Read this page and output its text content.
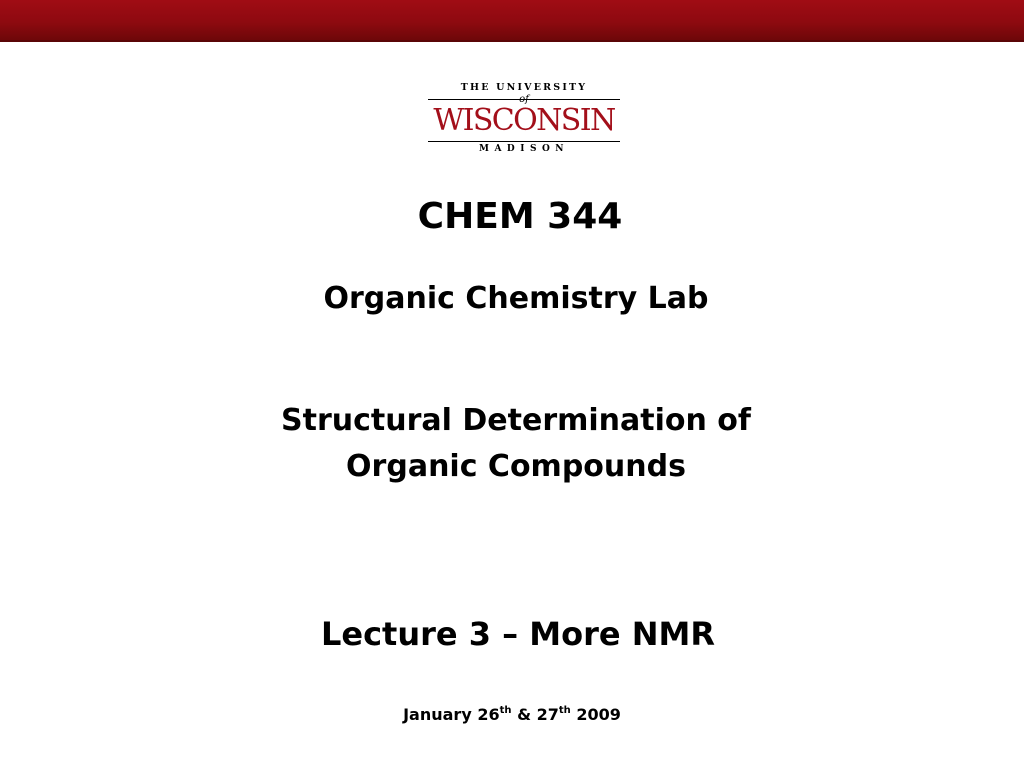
THE UNIVERSITY
of
WISCONSIN
MADISON
CHEM 344
Organic Chemistry Lab
Structural Determination of
Organic Compounds
Lecture 3 – More NMR
January 26th & 27th 2009
